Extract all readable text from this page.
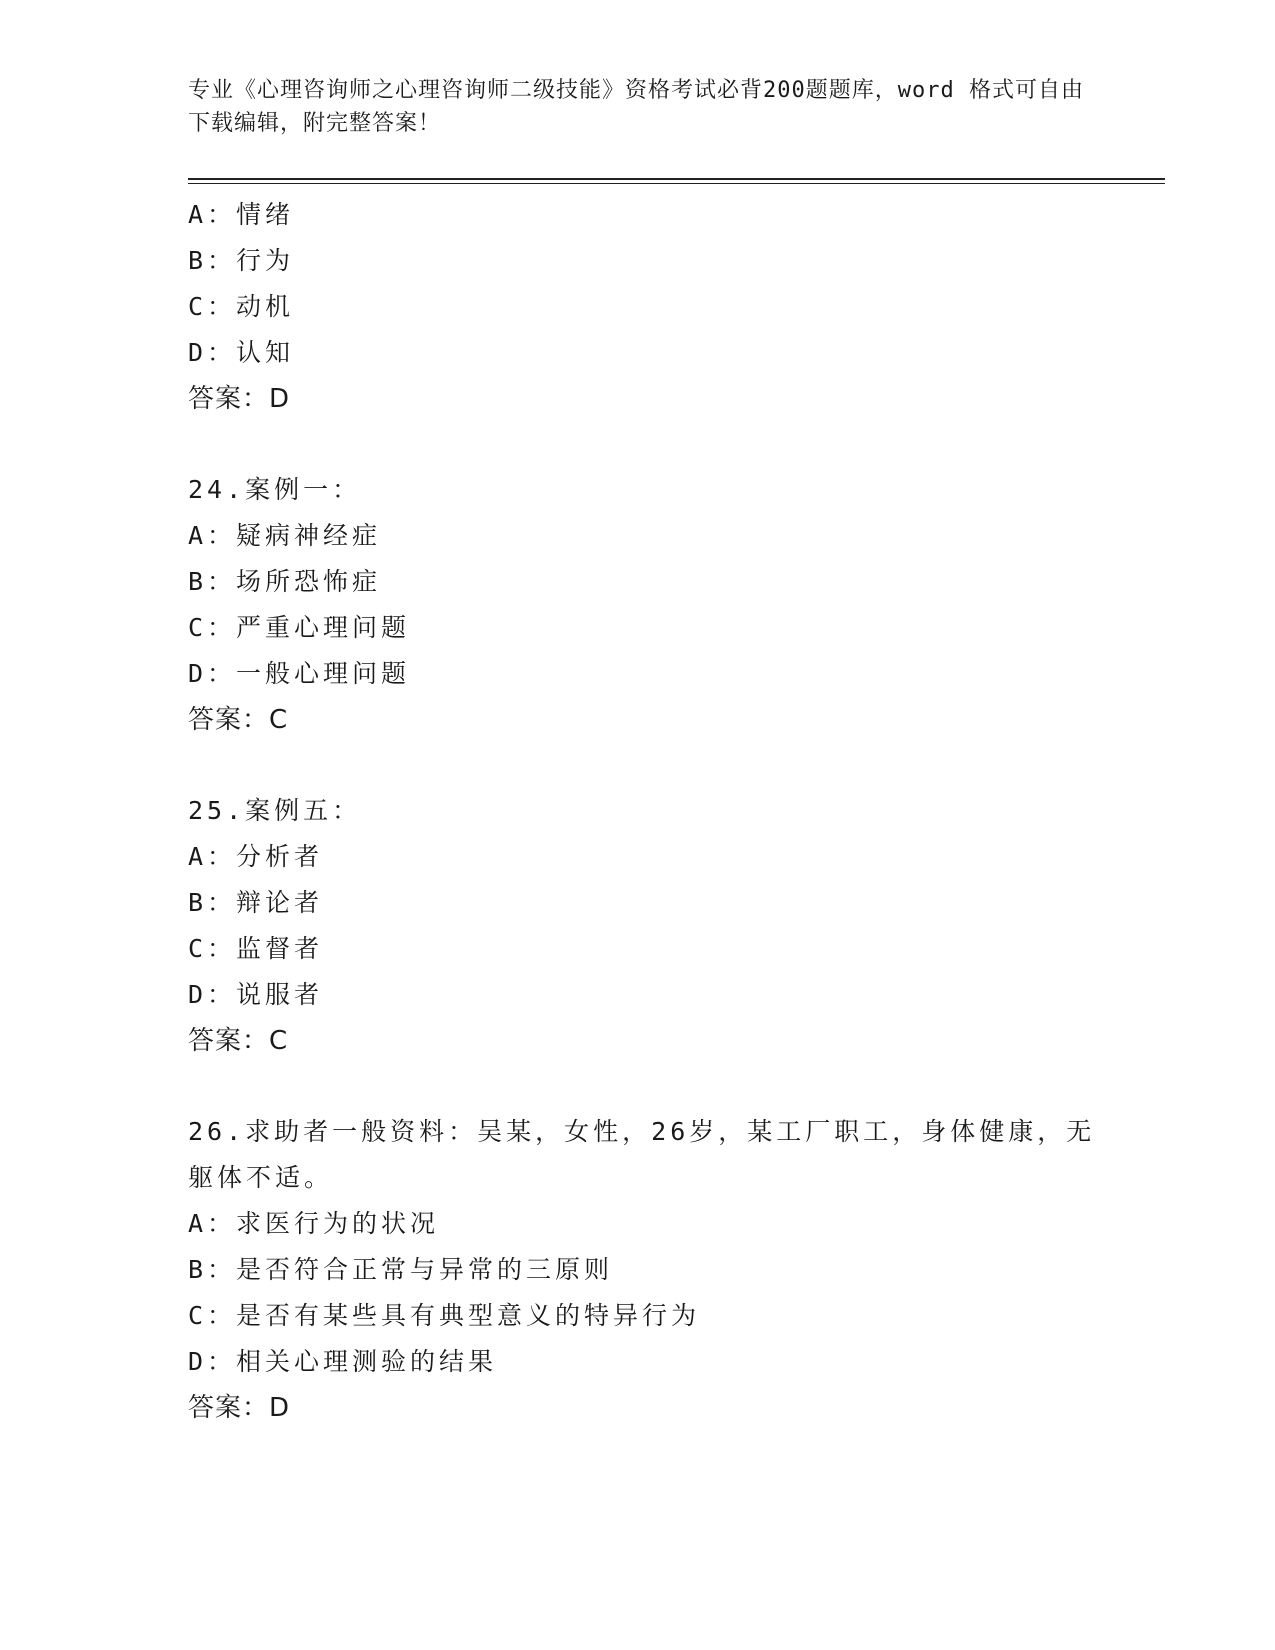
专业《心理咨询师之心理咨询师二级技能》资格考试必背200题题库，word 格式可自由下载编辑，附完整答案！
A：情绪
B：行为
C：动机
D：认知
答案：D
24.案例一：
A：疑病神经症
B：场所恐怖症
C：严重心理问题
D：一般心理问题
答案：C
25.案例五：
A：分析者
B：辩论者
C：监督者
D：说服者
答案：C
26.求助者一般资料：吴某，女性，26岁，某工厂职工，身体健康，无躯体不适。
A：求医行为的状况
B：是否符合正常与异常的三原则
C：是否有某些具有典型意义的特异行为
D：相关心理测验的结果
答案：D
